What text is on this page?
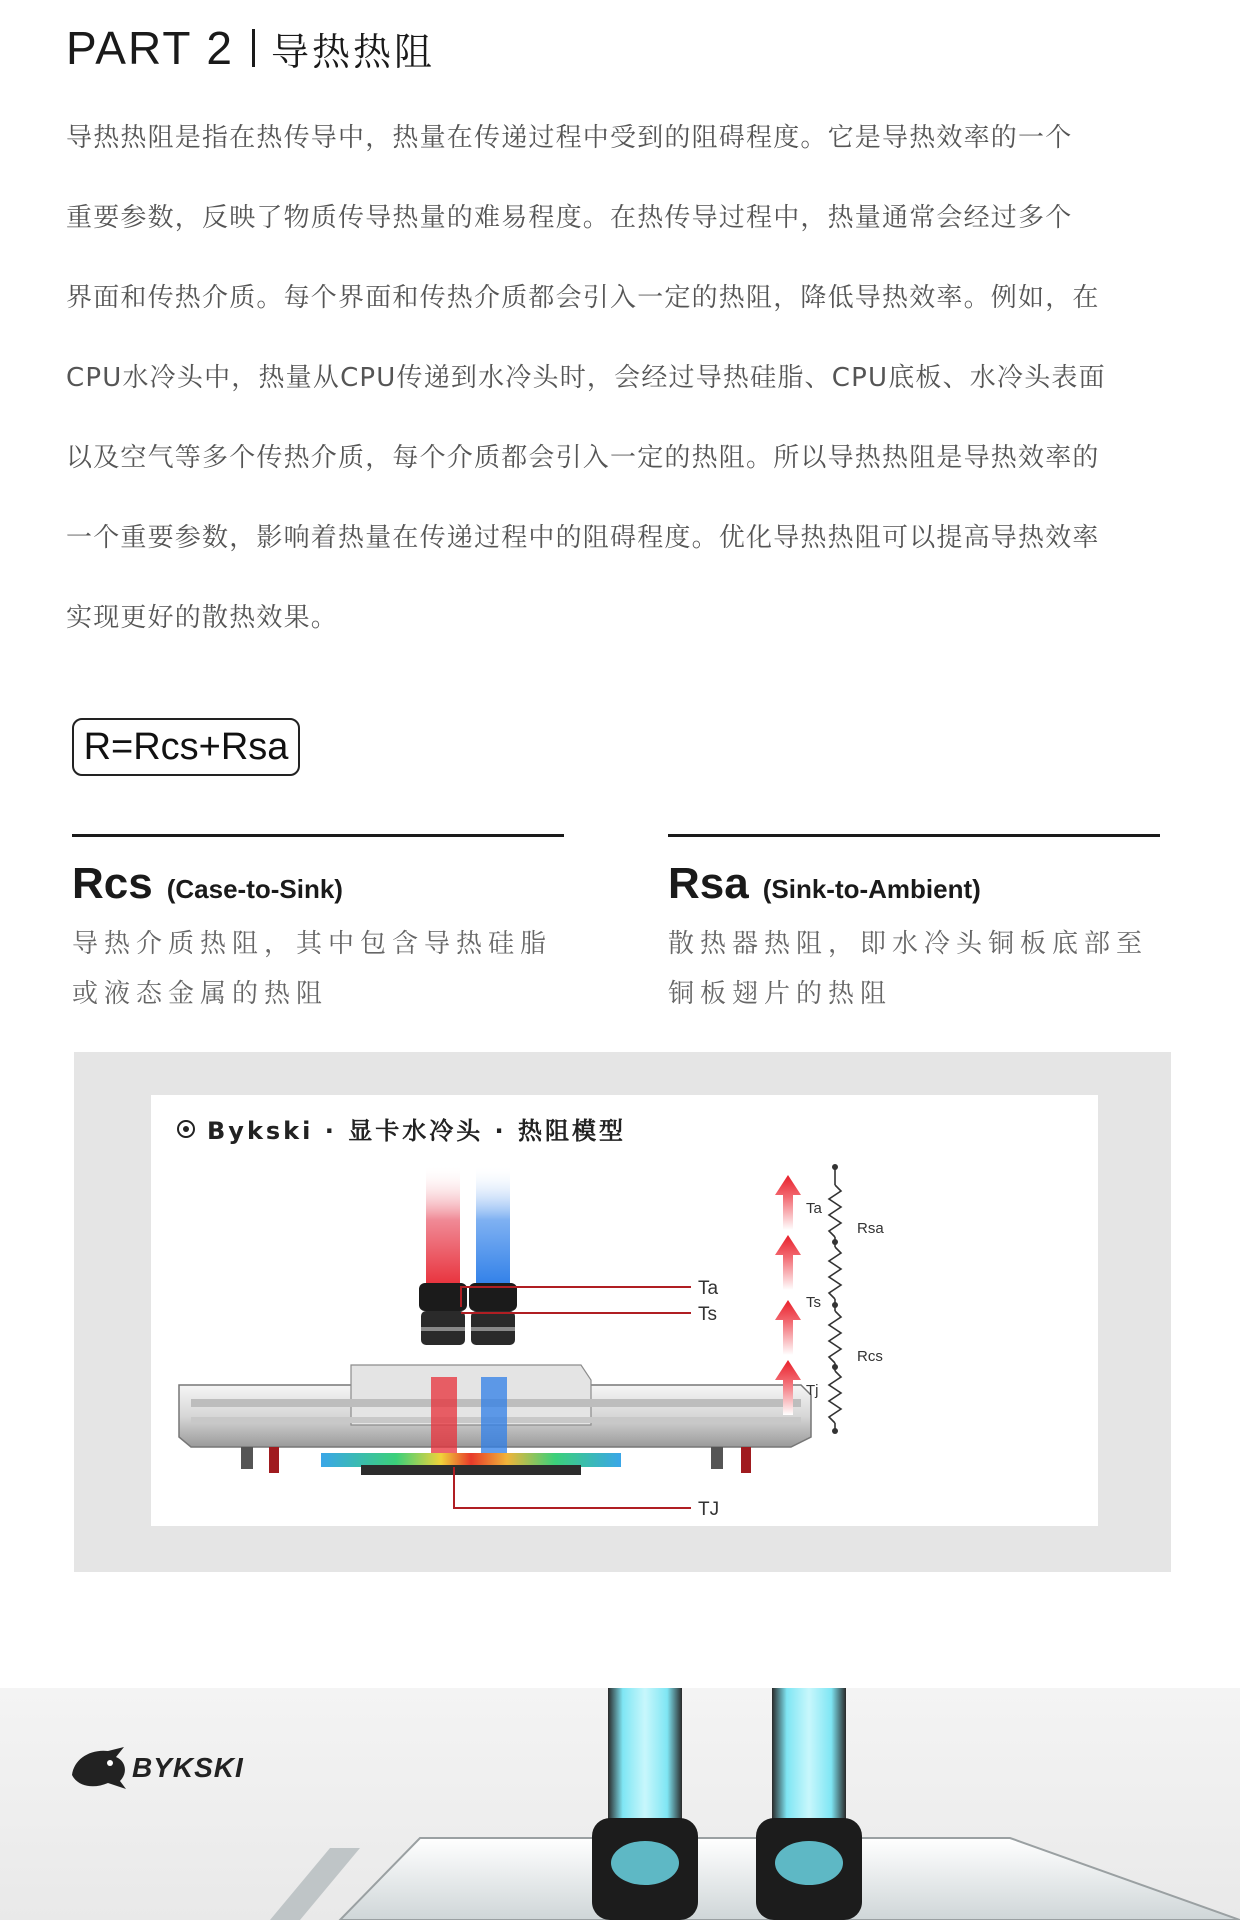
PART 2 导热热阻
导热热阻是指在热传导中，热量在传递过程中受到的阻碍程度。它是导热效率的一个
重要参数，反映了物质传导热量的难易程度。在热传导过程中，热量通常会经过多个
界面和传热介质。每个界面和传热介质都会引入一定的热阻，降低导热效率。例如，在
CPU水冷头中，热量从CPU传递到水冷头时，会经过导热硅脂、CPU底板、水冷头表面
以及空气等多个传热介质，每个介质都会引入一定的热阻。所以导热热阻是导热效率的
一个重要参数，影响着热量在传递过程中的阻碍程度。优化导热热阻可以提高导热效率
实现更好的散热效果。
R=Rcs+Rsa
Rcs (Case-to-Sink)
导热介质热阻，其中包含导热硅脂
或液态金属的热阻
Rsa (Sink-to-Ambient)
散热器热阻，即水冷头铜板底部至
铜板翅片的热阻
Bykski · 显卡水冷头 · 热阻模型
Ta
Ts
TJ
Ta
Ts
Tj
Rsa
Rcs
BYKSKI
